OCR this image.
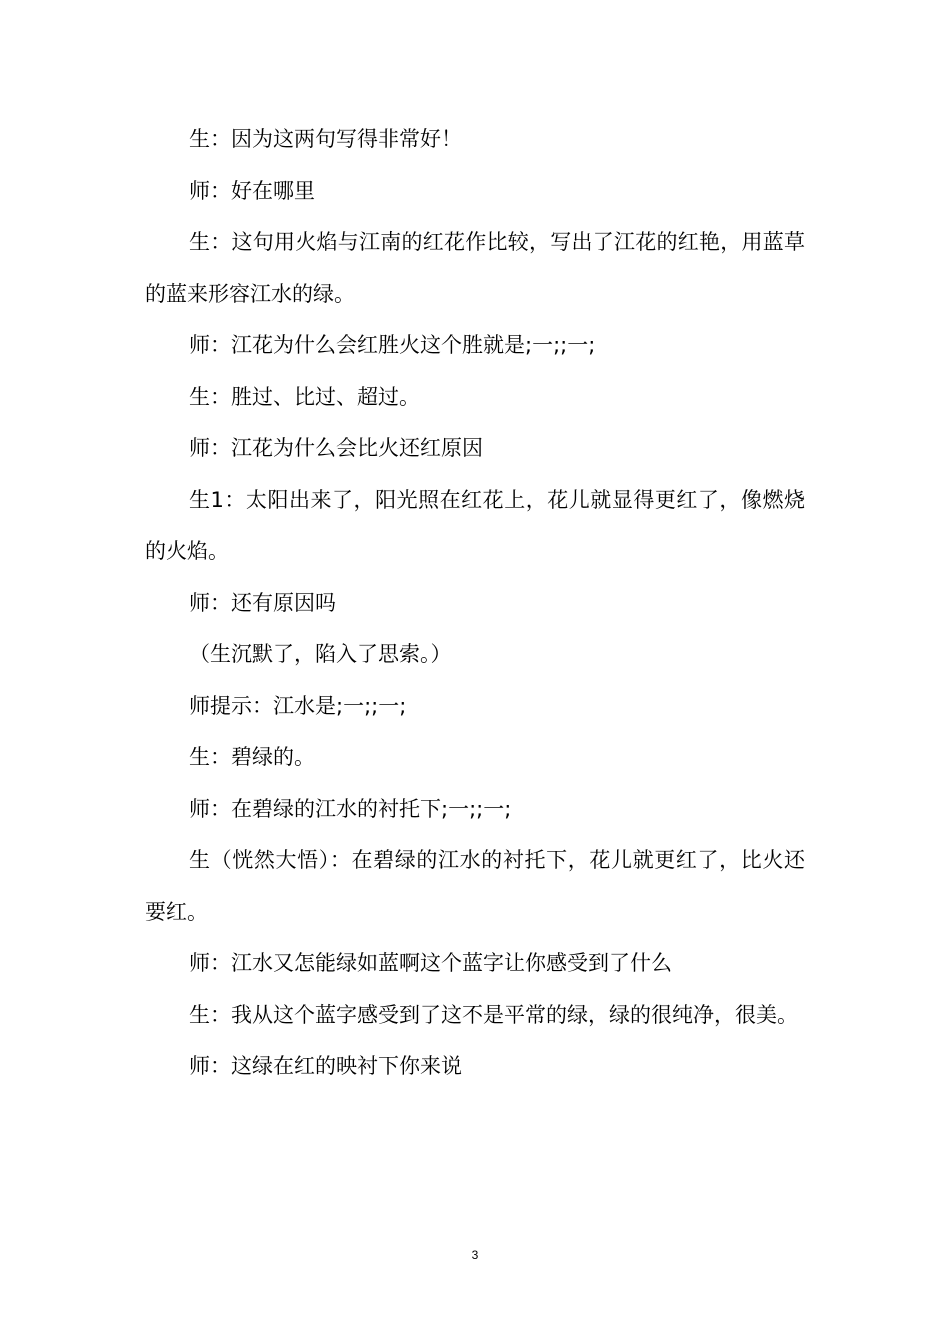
生：因为这两句写得非常好！

师：好在哪里

生：这句用火焰与江南的红花作比较，写出了江花的红艳，用蓝草的蓝来形容江水的绿。

师：江花为什么会红胜火这个胜就是;一;;一;

生：胜过、比过、超过。

师：江花为什么会比火还红原因

生1：太阳出来了，阳光照在红花上，花儿就显得更红了，像燃烧的火焰。

师：还有原因吗

（生沉默了，陷入了思索。）

师提示：江水是;一;;一;

生：碧绿的。

师：在碧绿的江水的衬托下;一;;一;

生（恍然大悟）：在碧绿的江水的衬托下，花儿就更红了，比火还要红。

师：江水又怎能绿如蓝啊这个蓝字让你感受到了什么

生：我从这个蓝字感受到了这不是平常的绿，绿的很纯净，很美。

师：这绿在红的映衬下你来说

3
